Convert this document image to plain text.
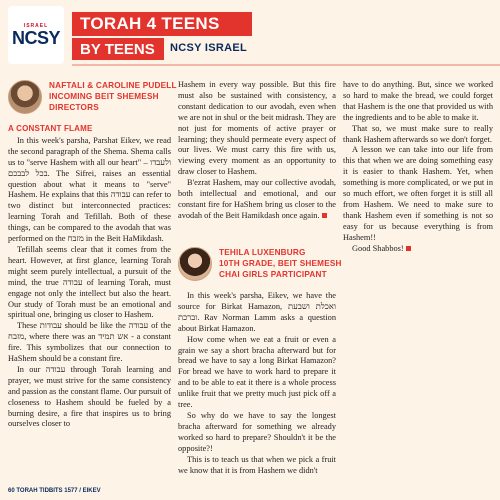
ISRAEL
NCSY
TORAH 4 TEENS
BY TEENS	NCSY ISRAEL
NAFTALI & CAROLINE PUDELL
INCOMING BEIT SHEMESH
DIRECTORS

A CONSTANT FLAME

In this week's parsha, Parshat Eikev, we read the second paragraph of the Shema. Shema calls us to "serve Hashem with all our heart" – ולעבדו בכל לבבכם. The Sifrei, raises an essential question about what it means to "serve" Hashem. He explains that this עבודה can refer to two distinct but interconnected practices: learning Torah and Tefillah. Both of these things, can be compared to the avodah that was performed on the מזבח in the Beit HaMikdash.

Tefillah seems clear that it comes from the heart. However, at first glance, learning Torah might seem purely intellectual, a pursuit of the mind, the true עבודה of learning Torah, must engage not only the intellect but also the heart. Our study of Torah must be an emotional and spiritual one, bringing us closer to Hashem.

These עבודות should be like the עבודה of the מזבח, where there was an אש תמיד - a constant fire. This symbolizes that our connection to HaShem should be a constant fire.

In our עבודה through Torah learning and prayer, we must strive for the same consistency and passion as the constant flame. Our pursuit of closeness to Hashem should be fueled by a burning desire, a fire that inspires us to bring ourselves closer to

Hashem in every way possible. But this fire must also be sustained with consistency, a constant dedication to our avodah, even when we are not in shul or the beit midrash. They are not just for moments of active prayer or learning; they should permeate every aspect of our lives. We must carry this fire with us, viewing every moment as an opportunity to draw closer to Hashem.

B'ezrat Hashem, may our collective avodah, both intellectual and emotional, and our constant fire for HaShem bring us closer to the avodah of the Beit Hamikdash once again.

TEHILA LUXENBURG
10TH GRADE, BEIT SHEMESH
CHAI GIRLS PARTICIPANT

In this week's parsha, Eikev, we have the source for Birkat Hamazon, ואכלת ושבעת וברכת. Rav Norman Lamm asks a question about Birkat Hamazon.

How come when we eat a fruit or even a grain we say a short bracha afterward but for bread we have to say a long Birkat Hamazon? For bread we have to work hard to prepare it and to be able to eat it there is a whole process unlike fruit that we pretty much just pick off a tree.

So why do we have to say the longest bracha afterward for something we already worked so hard to prepare? Shouldn't it be the opposite?!

This is to teach us that when we pick a fruit we know that it is from Hashem we didn't

have to do anything. But, since we worked so hard to make the bread, we could forget that Hashem is the one that provided us with the ingredients and to be able to make it.

That so, we must make sure to really thank Hashem afterwards so we don't forget.

A lesson we can take into our life from this that when we are doing something easy it is easier to thank Hashem. Yet, when something is more complicated, or we put in so much effort, we often forget it is still all from Hashem. We need to make sure to thank Hashem even if something is not so easy for us because everything is from Hashem!!

Good Shabbos!

60 TORAH TIDBITS 1577 / EIKEV
